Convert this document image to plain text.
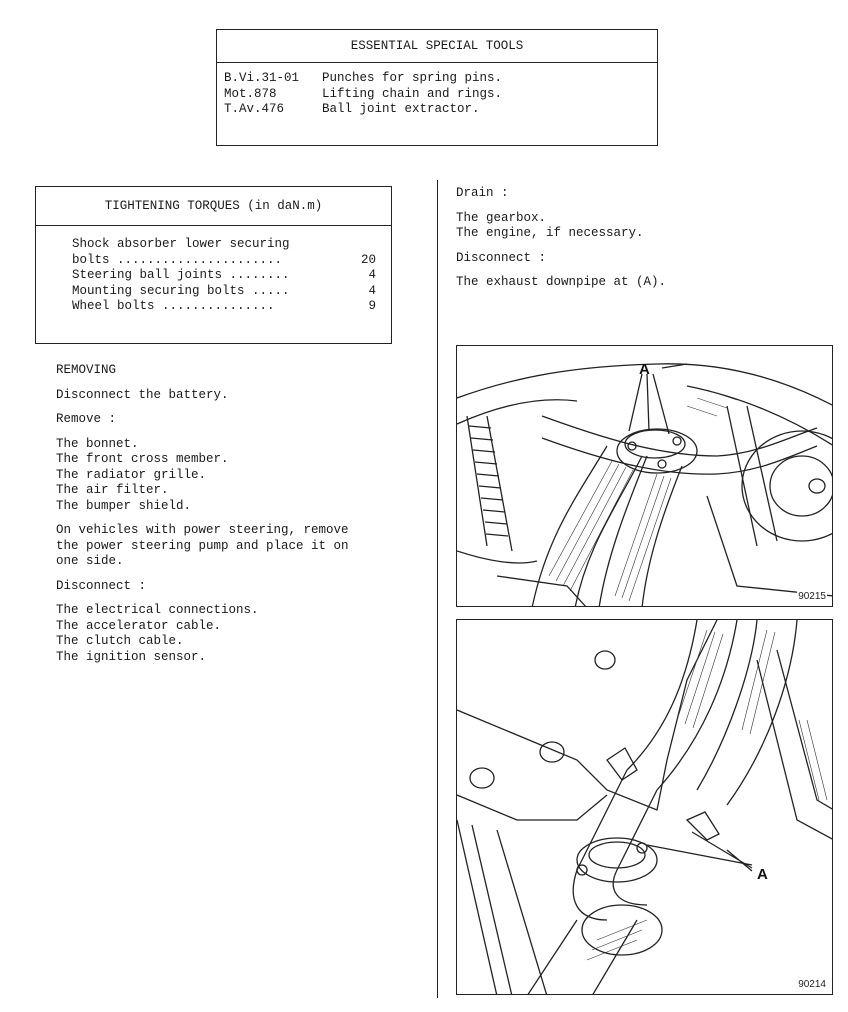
ESSENTIAL SPECIAL TOOLS
B.Vi.31-01	Punches for spring pins.
Mot.878	Lifting chain and rings.
T.Av.476	Ball joint extractor.
TIGHTENING TORQUES (in daN.m)
Shock absorber lower securing
bolts ......................	20
Steering ball joints ........	4
Mounting securing bolts .....	4
Wheel bolts ...............	9

REMOVING

Disconnect the battery.

Remove :

The bonnet.
The front cross member.
The radiator grille.
The air filter.
The bumper shield.

On vehicles with power steering, remove
the power steering pump and place it on
one side.

Disconnect :

The electrical connections.
The accelerator cable.
The clutch cable.
The ignition sensor.

Drain :

The gearbox.
The engine, if necessary.

Disconnect :

The exhaust downpipe at (A).

A
90215
A
90214
